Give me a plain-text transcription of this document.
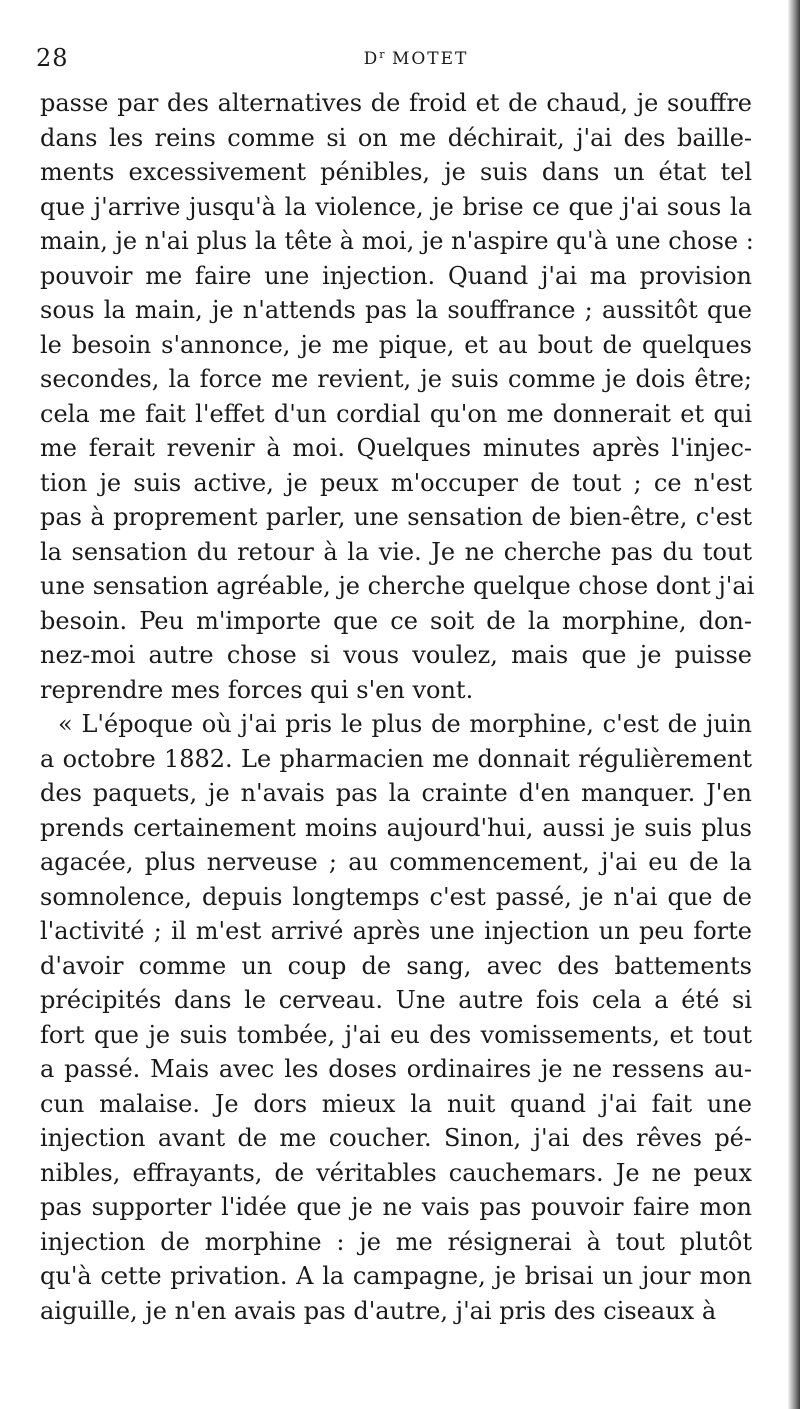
28	$D^r$ MOTET
passe par des alternatives de froid et de chaud, je souffre
dans les reins comme si on me déchirait, j'ai des baille-
ments excessivement pénibles, je suis dans un état tel
que j'arrive jusqu'à la violence, je brise ce que j'ai sous la
main, je n'ai plus la tête à moi, je n'aspire qu'à une chose :
pouvoir me faire une injection. Quand j'ai ma provision
sous la main, je n'attends pas la souffrance ; aussitôt que
le besoin s'annonce, je me pique, et au bout de quelques
secondes, la force me revient, je suis comme je dois être;
cela me fait l'effet d'un cordial qu'on me donnerait et qui
me ferait revenir à moi. Quelques minutes après l'injec-
tion je suis active, je peux m'occuper de tout ; ce n'est
pas à proprement parler, une sensation de bien-être, c'est
la sensation du retour à la vie. Je ne cherche pas du tout
une sensation agréable, je cherche quelque chose dont j'ai
besoin. Peu m'importe que ce soit de la morphine, don-
nez-moi autre chose si vous voulez, mais que je puisse
reprendre mes forces qui s'en vont.
« L'époque où j'ai pris le plus de morphine, c'est de juin
a octobre 1882. Le pharmacien me donnait régulièrement
des paquets, je n'avais pas la crainte d'en manquer. J'en
prends certainement moins aujourd'hui, aussi je suis plus
agacée, plus nerveuse ; au commencement, j'ai eu de la
somnolence, depuis longtemps c'est passé, je n'ai que de
l'activité ; il m'est arrivé après une injection un peu forte
d'avoir comme un coup de sang, avec des battements
précipités dans le cerveau. Une autre fois cela a été si
fort que je suis tombée, j'ai eu des vomissements, et tout
a passé. Mais avec les doses ordinaires je ne ressens au-
cun malaise. Je dors mieux la nuit quand j'ai fait une
injection avant de me coucher. Sinon, j'ai des rêves pé-
nibles, effrayants, de véritables cauchemars. Je ne peux
pas supporter l'idée que je ne vais pas pouvoir faire mon
injection de morphine : je me résignerai à tout plutôt
qu'à cette privation. A la campagne, je brisai un jour mon
aiguille, je n'en avais pas d'autre, j'ai pris des ciseaux à
